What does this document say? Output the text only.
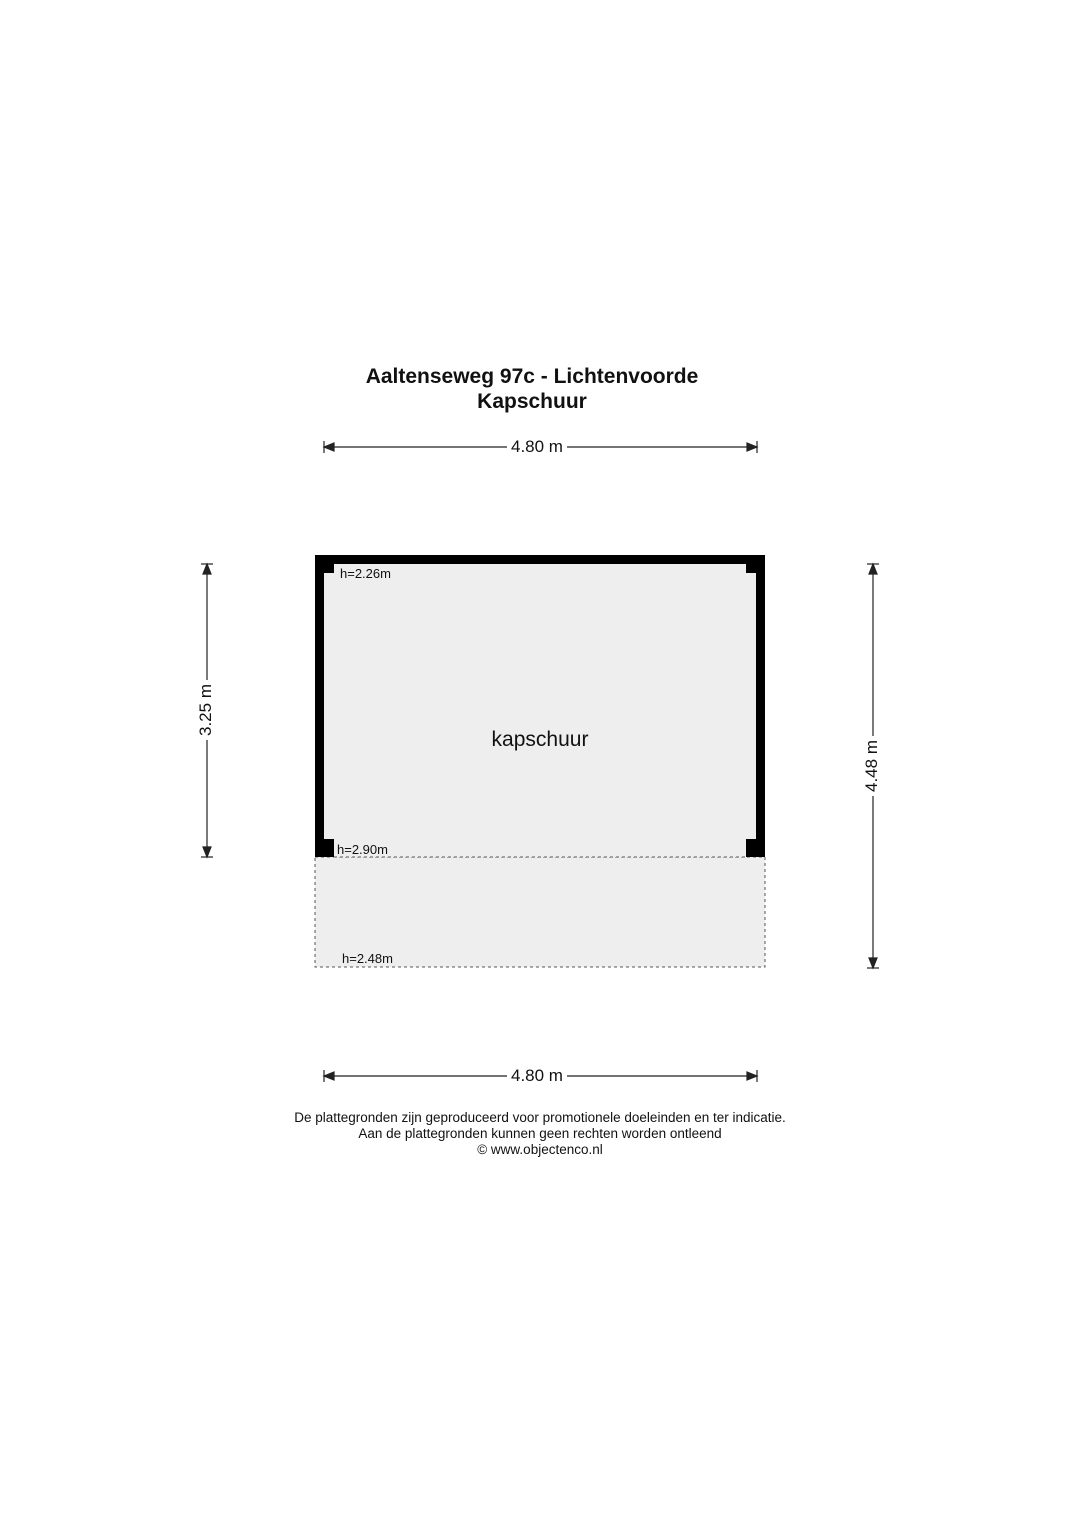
Aaltenseweg 97c - Lichtenvoorde
Kapschuur
4.80 m
4.80 m
3.25 m
4.48 m
kapschuur
h=2.26m
h=2.90m
h=2.48m
De plattegronden zijn geproduceerd voor promotionele doeleinden en ter indicatie.
Aan de plattegronden kunnen geen rechten worden ontleend
© www.objectenco.nl
